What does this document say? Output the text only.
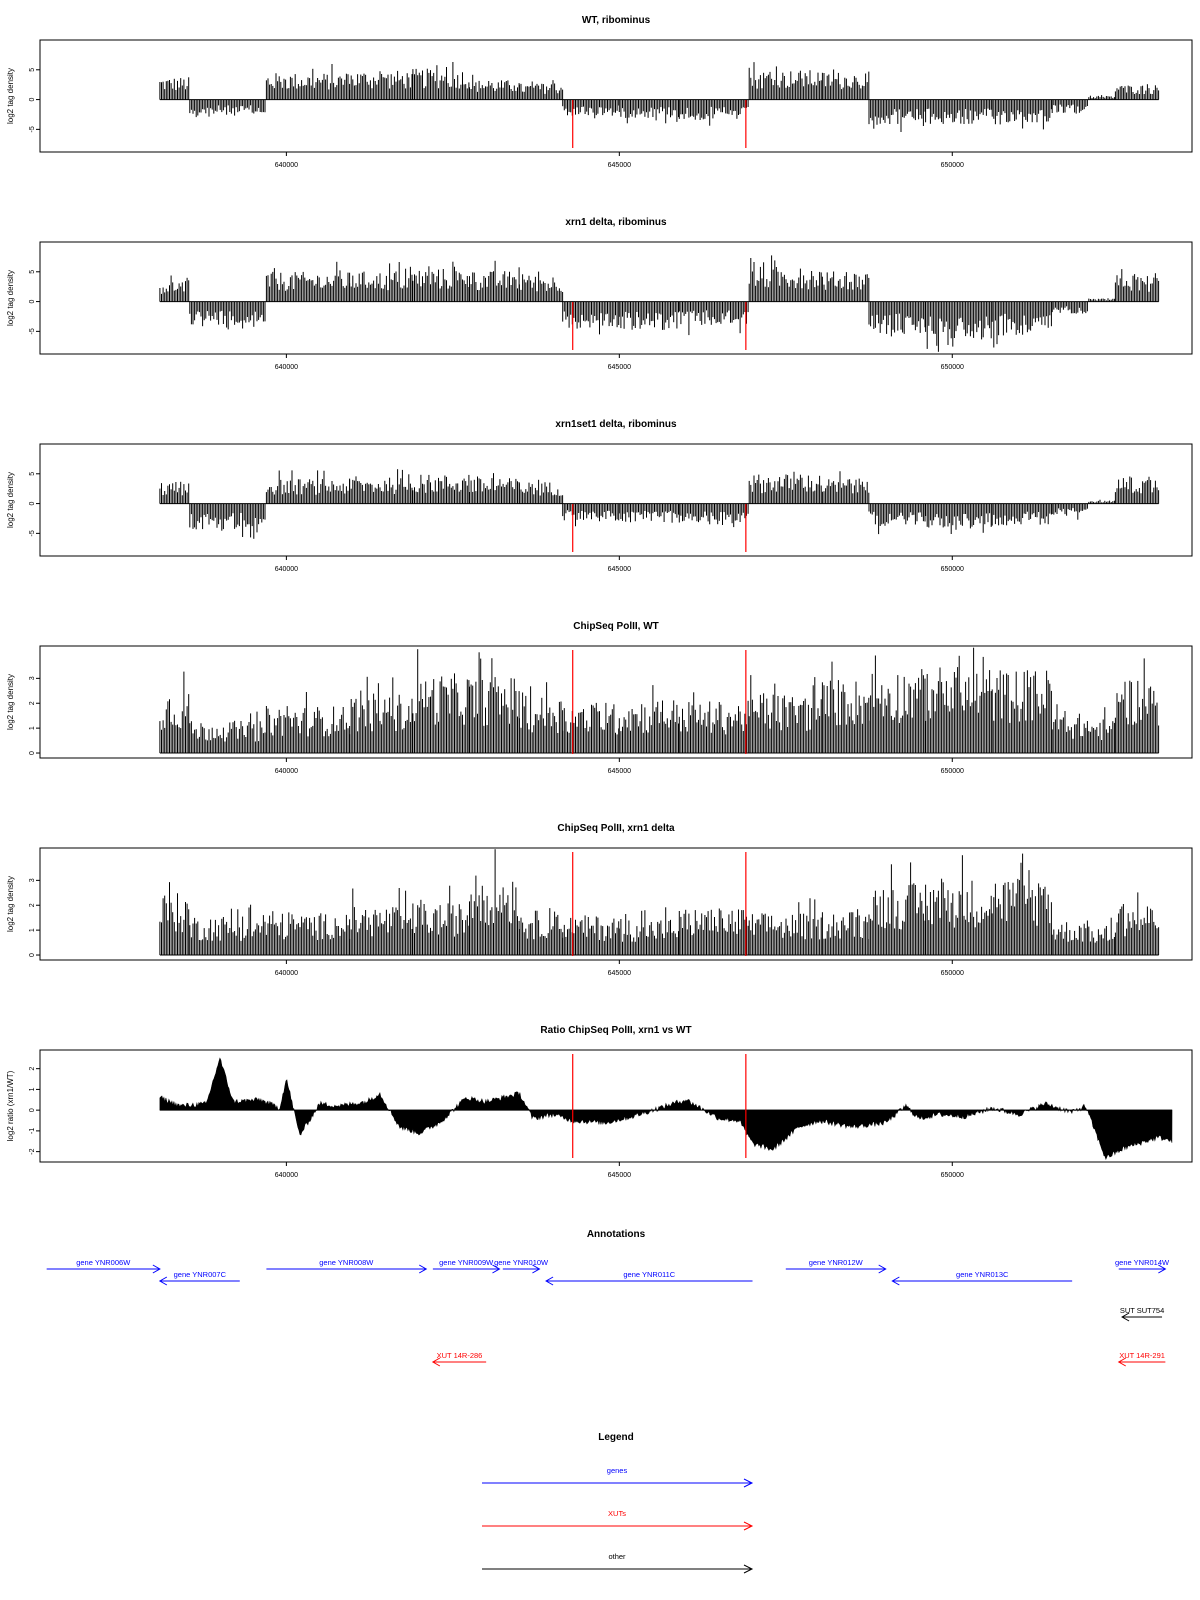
WT, ribominus
log2 tag density 5
0
-5
640000	645000	650000
xrn1 delta, ribominus
log2 tag density 5
0
-5
640000	645000	650000
xrn1set1 delta, ribominus
log2 tag density 5
0
-5
640000	645000	650000
ChipSeq PolII, WT
log2 tag density
0
1
2
3
640000	645000	650000
ChipSeq PolII, xrn1 delta
log2 tag density
0
1
2
3
640000	645000	650000
Ratio ChipSeq PolII, xrn1 vs WT
log2 ratio (xrn1/WT)
2
1
0
-1
-2
640000	645000	650000
Annotations
gene YNR006W
gene YNR007C
gene YNR008W	gene YNR009W gene YNR010W
gene YNR011C
gene YNR012W
gene YNR013C
gene YNR014W
SUT SUT754
XUT 14R-286	XUT 14R-291
Legend
genes
XUTs
other
